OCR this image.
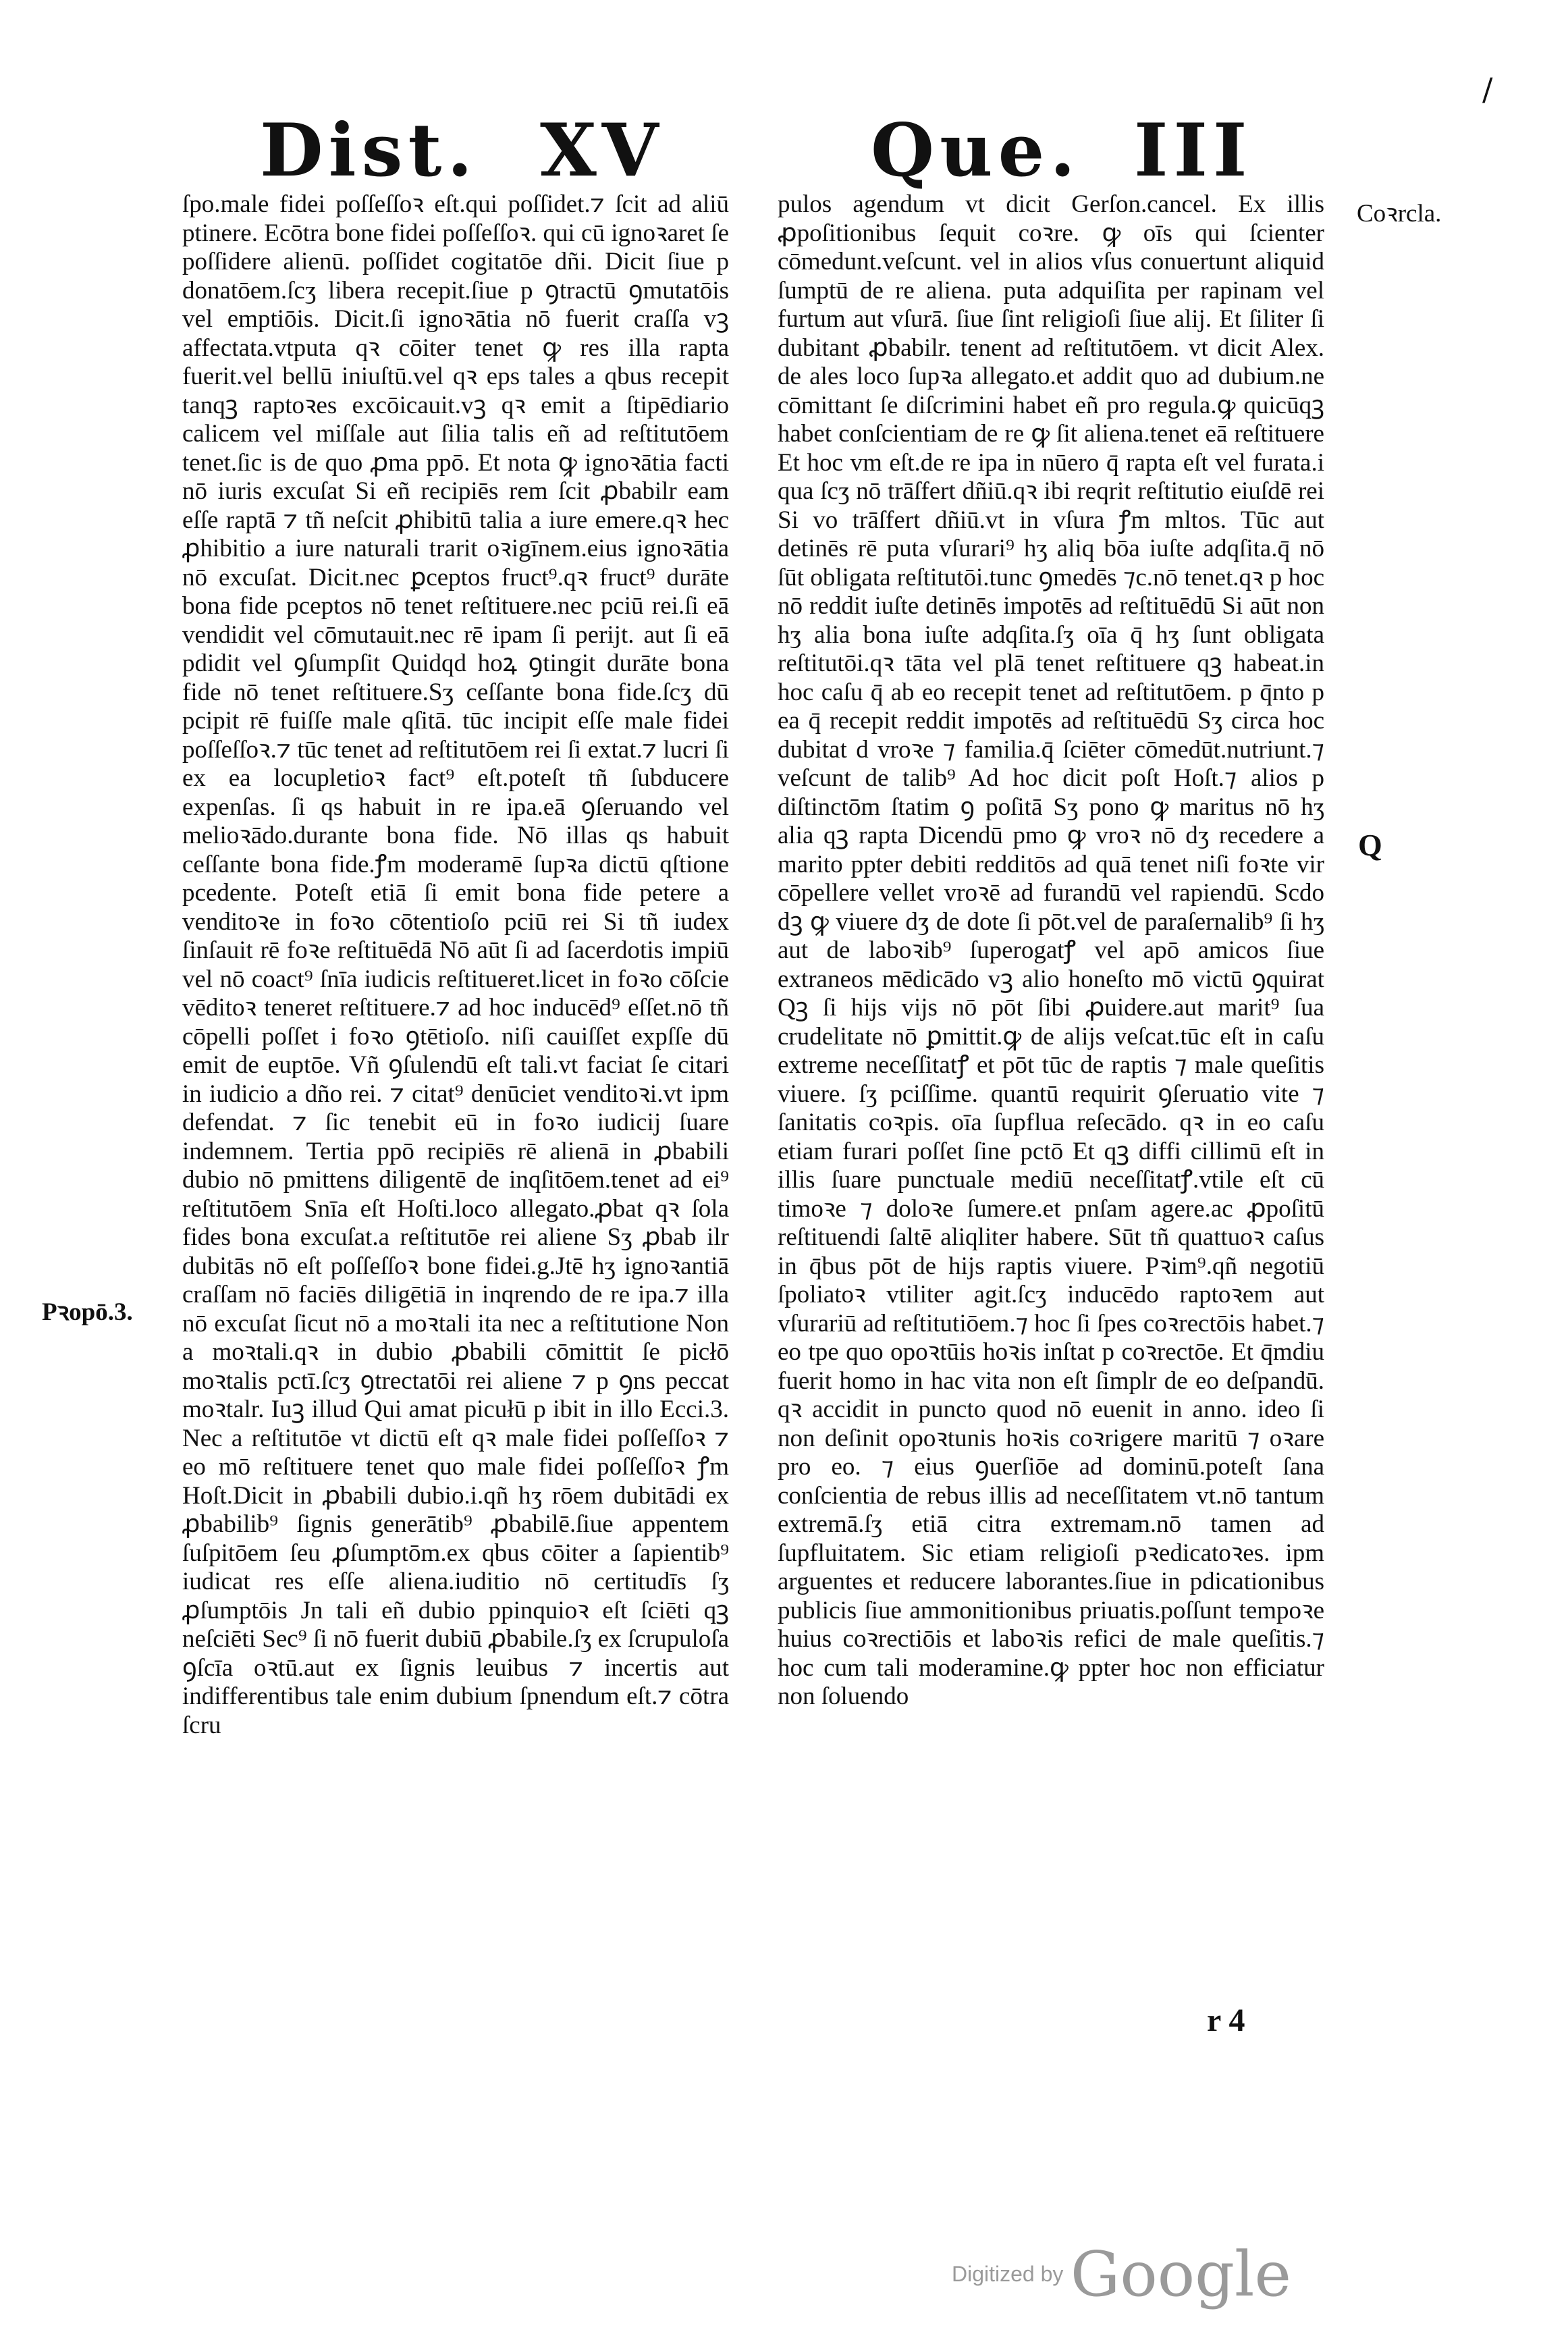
/
Dist. XV	Que. III
Coꝛrcla.
Pꝛopō.3.
Q
ſpo.male fidei poſſeſſoꝛ eſt.qui poſſidet.⁊ ſcit ad aliū ptinere. Ecōtra bone fidei poſſeſſoꝛ. qui cū ignoꝛaret ſe poſſidere alienū. poſſidet cogitatōe dñi. Dicit ſiue p donatōem.ſcʒ libera recepit.ſiue p ꝯtractū ꝯmutatōis vel emptiōis. Dicit.ſi ignoꝛātia nō fuerit craſſa vꝫ affectata.vtputa qꝛ cōiter tenet ꝙ res illa rapta fuerit.vel bellū iniuſtū.vel qꝛ eps tales a qbus recepit tanqꝫ raptoꝛes excōicauit.vꝫ qꝛ emit a ſtipēdiario calicem vel miſſale aut ſilia talis eñ ad reſtitutōem tenet.ſic is de quo ꝓma ppō. Et nota ꝙ ignoꝛātia facti nō iuris excuſat Si eñ recipiēs rem ſcit ꝓbabilr eam eſſe raptā ⁊ tñ neſcit ꝓhibitū talia a iure emere.qꝛ hec ꝓhibitio a iure naturali trarit oꝛigīnem.eius ignoꝛātia nō excuſat. Dicit.nec ꝑceptos fruct⁹.qꝛ fruct⁹ durāte bona fide pceptos nō tenet reſtituere.nec pciū rei.ſi eā vendidit vel cōmutauit.nec rē ipam ſi perijt. aut ſi eā pdidit vel ꝯſumpſit Quidqd hoꝝ ꝯtingit durāte bona fide nō tenet reſtituere.Sʒ ceſſante bona fide.ſcʒ dū pcipit rē fuiſſe male qſitā. tūc incipit eſſe male fidei poſſeſſoꝛ.⁊ tūc tenet ad reſtitutōem rei ſi extat.⁊ lucri ſi ex ea locupletioꝛ fact⁹ eſt.poteſt tñ ſubducere expenſas. ſi qs habuit in re ipa.eā ꝯſeruando vel melioꝛādo.durante bona fide. Nō illas qs habuit ceſſante bona fide.ꝭm moderamē ſupꝛa dictū qſtione pcedente. Poteſt etiā ſi emit bona fide petere a venditoꝛe in foꝛo cōtentioſo pciū rei Si tñ iudex ſinſauit rē foꝛe reſtituēdā Nō aūt ſi ad ſacerdotis impiū vel nō coact⁹ ſnīa iudicis reſtitueret.licet in foꝛo cōſcie vēditoꝛ teneret reſtituere.⁊ ad hoc inducēd⁹ eſſet.nō tñ cōpelli poſſet i foꝛo ꝯtētioſo. niſi cauiſſet expſſe dū emit de euptōe. Vñ ꝯſulendū eſt tali.vt faciat ſe citari in iudicio a dño rei. ⁊ citat⁹ denūciet venditoꝛi.vt ipm defendat. ⁊ ſic tenebit eū in foꝛo iudicij ſuare indemnem. Tertia ppō recipiēs rē alienā in ꝓbabili dubio nō pmittens diligentē de inqſitōem.tenet ad ei⁹ reſtitutōem Snīa eſt Hoſti.loco allegato.ꝓbat qꝛ ſola fides bona excuſat.a reſtitutōe rei aliene Sʒ ꝓbab ilr dubitās nō eſt poſſeſſoꝛ bone fidei.g.Jtē hʒ ignoꝛantiā craſſam nō faciēs diligētiā in inqrendo de re ipa.⁊ illa nō excuſat ſicut nō a moꝛtali ita nec a reſtitutione Non a moꝛtali.qꝛ in dubio ꝓbabili cōmittit ſe picłō moꝛtalis pctī.ſcʒ ꝯtrectatōi rei aliene ⁊ p ꝯns peccat moꝛtalr. Iuꝫ illud Qui amat picułū p ibit in illo Ecci.3. Nec a reſtitutōe vt dictū eſt qꝛ male fidei poſſeſſoꝛ ⁊ eo mō reſtituere tenet quo male fidei poſſeſſoꝛ ꝭm Hoſt.Dicit in ꝓbabili dubio.i.qñ hʒ rōem dubitādi ex ꝓbabilib⁹ ſignis generātib⁹ ꝓbabilē.ſiue appentem ſuſpitōem ſeu ꝓſumptōm.ex qbus cōiter a ſapientib⁹ iudicat res eſſe aliena.iuditio nō certitudīs ſʒ ꝓſumptōis Jn tali eñ dubio ppinquioꝛ eſt ſciēti qꝫ neſciēti Sec⁹ ſi nō fuerit dubiū ꝓbabile.ſʒ ex ſcrupuloſa ꝯſcīa oꝛtū.aut ex ſignis leuibus ⁊ incertis aut indifferentibus tale enim dubium ſpnendum eſt.⁊ cōtra ſcru
pulos agendum vt dicit Gerſon.cancel. Ex illis ꝓpoſitionibus ſequit coꝛre. ꝙ oīs qui ſcienter cōmedunt.veſcunt. vel in alios vſus conuertunt aliquid ſumptū de re aliena. puta adquiſita per rapinam vel furtum aut vſurā. ſiue ſint religioſi ſiue alij. Et ſiliter ſi dubitant ꝓbabilr. tenent ad reſtitutōem. vt dicit Alex. de ales loco ſupꝛa allegato.et addit quo ad dubium.ne cōmittant ſe diſcrimini habet eñ pro regula.ꝙ quicūqꝫ habet conſcientiam de re ꝙ ſit aliena.tenet eā reſtituere Et hoc vm eſt.de re ipa in nūero q̄ rapta eſt vel furata.i qua ſcʒ nō trāſfert dñiū.qꝛ ibi reqrit reſtitutio eiuſdē rei Si vo trāſfert dñiū.vt in vſura ꝭm mltos. Tūc aut detinēs rē puta vſurari⁹ hʒ aliq bōa iuſte adqſita.q̄ nō ſūt obligata reſtitutōi.tunc ꝯmedēs ⁊c.nō tenet.qꝛ p hoc nō reddit iuſte detinēs impotēs ad reſtituēdū Si aūt non hʒ alia bona iuſte adqſita.ſʒ oīa q̄ hʒ ſunt obligata reſtitutōi.qꝛ tāta vel plā tenet reſtituere qꝫ habeat.in hoc caſu q̄ ab eo recepit tenet ad reſtitutōem. p q̄nto p ea q̄ recepit reddit impotēs ad reſtituēdū Sʒ circa hoc dubitat d vroꝛe ⁊ familia.q̄ ſciēter cōmedūt.nutriunt.⁊ veſcunt de talib⁹ Ad hoc dicit poſt Hoſt.⁊ alios p diſtinctōm ſtatim ꝯ poſitā Sʒ pono ꝙ maritus nō hʒ alia qꝫ rapta Dicendū pmo ꝙ vroꝛ nō dʒ recedere a marito ppter debiti redditōs ad quā tenet niſi foꝛte vir cōpellere vellet vroꝛē ad furandū vel rapiendū. Scdo dꝫ ꝙ viuere dʒ de dote ſi pōt.vel de paraſernalib⁹ ſi hʒ aut de laboꝛib⁹ ſuperogatꝭ vel apō amicos ſiue extraneos mēdicādo vꝫ alio honeſto mō victū ꝯquirat Qꝫ ſi hijs vijs nō pōt ſibi ꝓuidere.aut marit⁹ ſua crudelitate nō ꝑmittit.ꝙ de alijs veſcat.tūc eſt in caſu extreme neceſſitatꝭ et pōt tūc de raptis ⁊ male queſitis viuere. ſʒ pciſſime. quantū requirit ꝯſeruatio vite ⁊ ſanitatis coꝛpis. oīa ſupflua reſecādo. qꝛ in eo caſu etiam furari poſſet ſine pctō Et qꝫ diffi cillimū eſt in illis ſuare punctuale mediū neceſſitatꝭ.vtile eſt cū timoꝛe ⁊ doloꝛe ſumere.et pnſam agere.ac ꝓpoſitū reſtituendi ſaltē aliqliter habere. Sūt tñ quattuoꝛ caſus in q̄bus pōt de hijs raptis viuere. Pꝛim⁹.qñ negotiū ſpoliatoꝛ vtiliter agit.ſcʒ inducēdo raptoꝛem aut vſurariū ad reſtitutiōem.⁊ hoc ſi ſpes coꝛrectōis habet.⁊ eo tpe quo opoꝛtūis hoꝛis inſtat p coꝛrectōe. Et q̄mdiu fuerit homo in hac vita non eſt ſimplr de eo deſpandū. qꝛ accidit in puncto quod nō euenit in anno. ideo ſi non deſinit opoꝛtunis hoꝛis coꝛrigere maritū ⁊ oꝛare pro eo. ⁊ eius ꝯuerſiōe ad dominū.poteſt ſana conſcientia de rebus illis ad neceſſitatem vt.nō tantum extremā.ſʒ etiā citra extremam.nō tamen ad ſupfluitatem. Sic etiam religioſi pꝛedicatoꝛes. ipm arguentes et reducere laborantes.ſiue in pdicationibus publicis ſiue ammonitionibus priuatis.poſſunt tempoꝛe huius coꝛrectiōis et laboꝛis refici de male queſitis.⁊ hoc cum tali moderamine.ꝙ ppter hoc non efficiatur non ſoluendo
r 4
Digitized by Google
